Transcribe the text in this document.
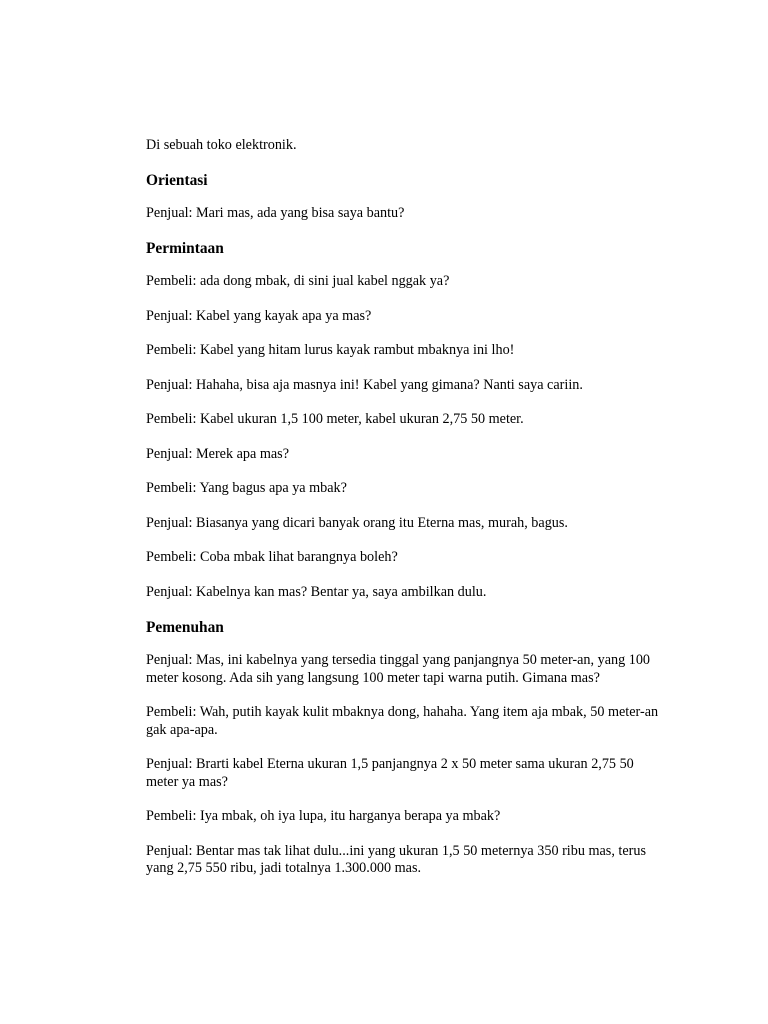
Di sebuah toko elektronik.

Orientasi

Penjual: Mari mas, ada yang bisa saya bantu?

Permintaan

Pembeli: ada dong mbak, di sini jual kabel nggak ya?

Penjual: Kabel yang kayak apa ya mas?

Pembeli: Kabel yang hitam lurus kayak rambut mbaknya ini lho!

Penjual: Hahaha, bisa aja masnya ini! Kabel yang gimana? Nanti saya cariin.

Pembeli: Kabel ukuran 1,5 100 meter, kabel ukuran 2,75 50 meter.

Penjual: Merek apa mas?

Pembeli: Yang bagus apa ya mbak?

Penjual: Biasanya yang dicari banyak orang itu Eterna mas, murah, bagus.

Pembeli: Coba mbak lihat barangnya boleh?

Penjual: Kabelnya kan mas? Bentar ya, saya ambilkan dulu.

Pemenuhan

Penjual: Mas, ini kabelnya yang tersedia tinggal yang panjangnya 50 meter-an, yang 100 meter kosong. Ada sih yang langsung 100 meter tapi warna putih. Gimana mas?

Pembeli: Wah, putih kayak kulit mbaknya dong, hahaha. Yang item aja mbak, 50 meter-an gak apa-apa.

Penjual: Brarti kabel Eterna ukuran 1,5 panjangnya 2 x 50 meter sama ukuran 2,75 50 meter ya mas?

Pembeli: Iya mbak, oh iya lupa, itu harganya berapa ya mbak?

Penjual: Bentar mas tak lihat dulu...ini yang ukuran 1,5 50 meternya 350 ribu mas, terus yang 2,75 550 ribu, jadi totalnya 1.300.000 mas.
